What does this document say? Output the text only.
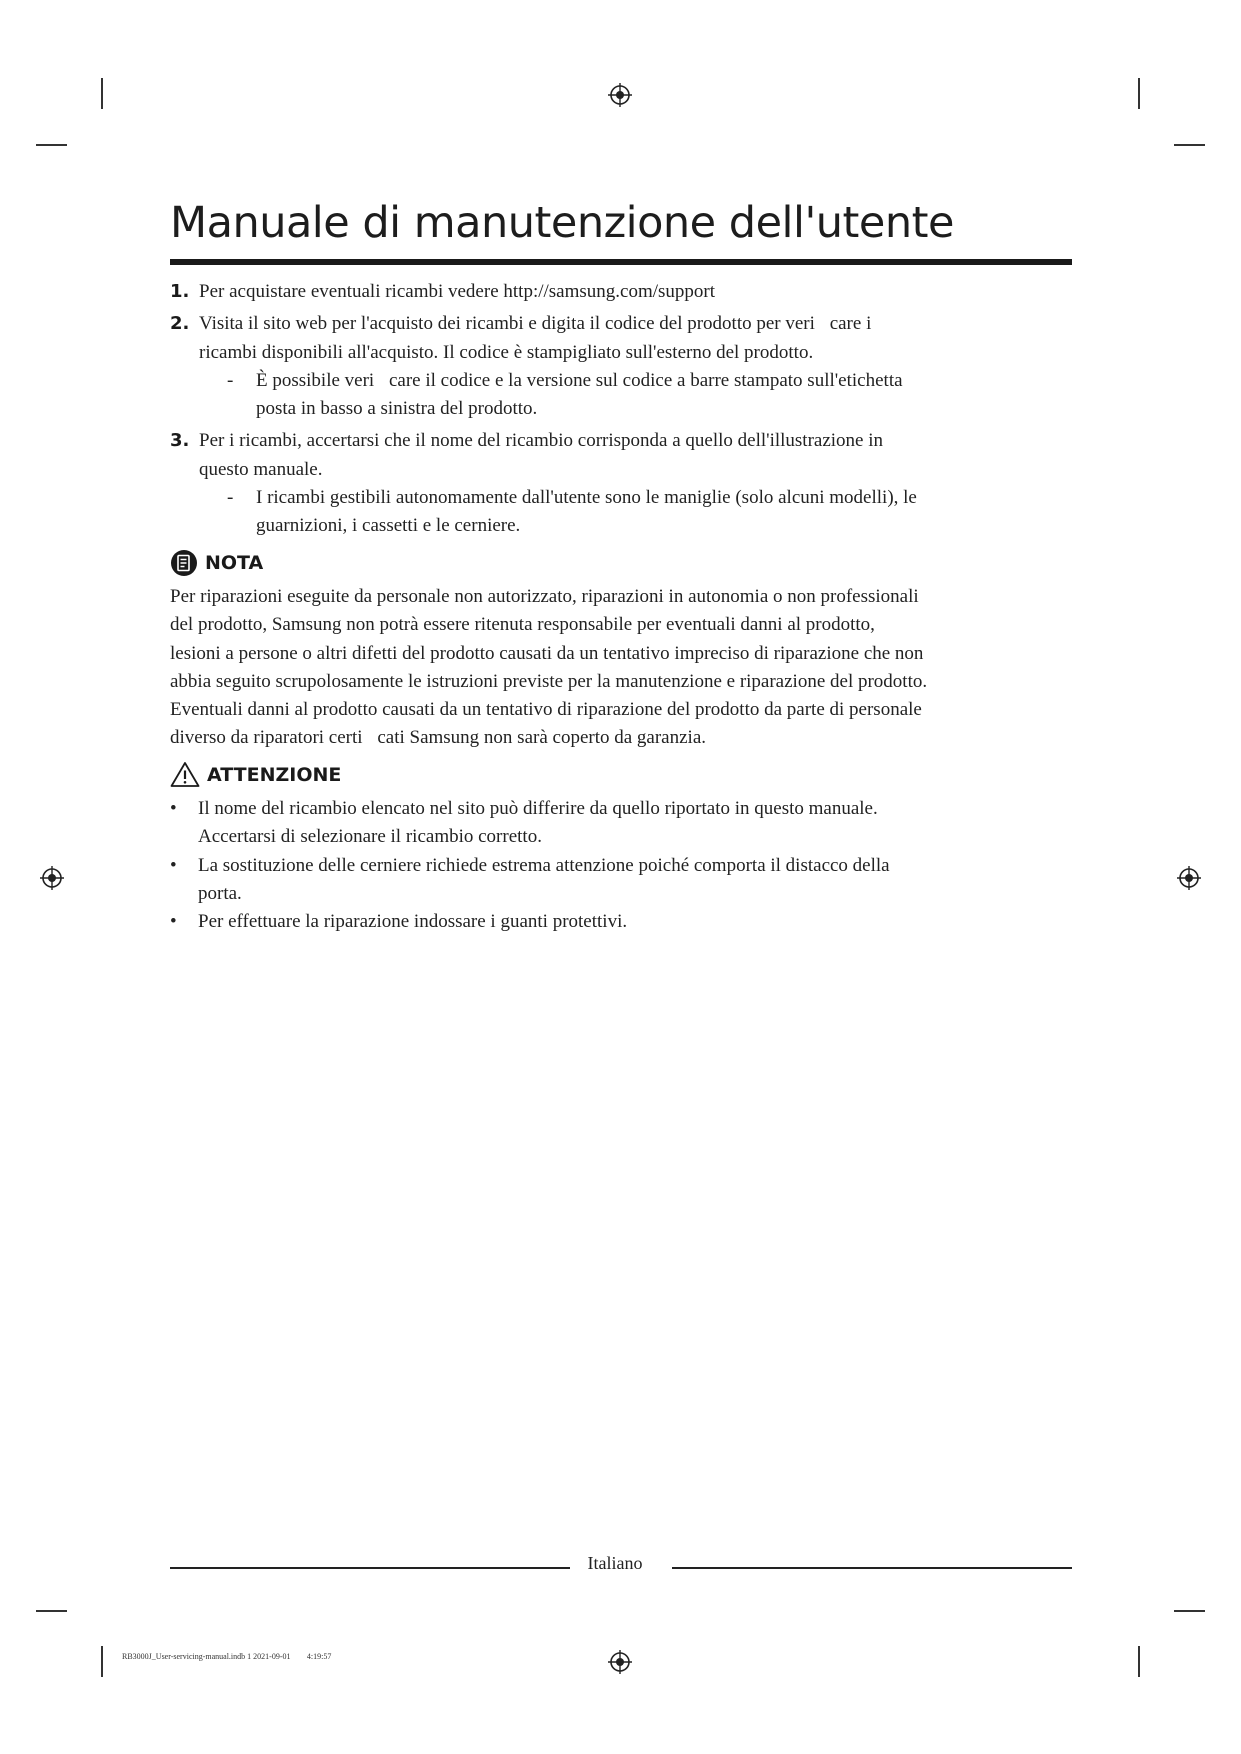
Manuale di manutenzione dell'utente
1. Per acquistare eventuali ricambi vedere http://samsung.com/support
2. Visita il sito web per l'acquisto dei ricambi e digita il codice del prodotto per veri care i ricambi disponibili all'acquisto. Il codice è stampigliato sull'esterno del prodotto.
- È possibile veri care il codice e la versione sul codice a barre stampato sull'etichetta posta in basso a sinistra del prodotto.
3. Per i ricambi, accertarsi che il nome del ricambio corrisponda a quello dell'illustrazione in questo manuale.
- I ricambi gestibili autonomamente dall'utente sono le maniglie (solo alcuni modelli), le guarnizioni, i cassetti e le cerniere.
NOTA

Per riparazioni eseguite da personale non autorizzato, riparazioni in autonomia o non professionali del prodotto, Samsung non potrà essere ritenuta responsabile per eventuali danni al prodotto, lesioni a persone o altri difetti del prodotto causati da un tentativo impreciso di riparazione che non abbia seguito scrupolosamente le istruzioni previste per la manutenzione e riparazione del prodotto. Eventuali danni al prodotto causati da un tentativo di riparazione del prodotto da parte di personale diverso da riparatori certi cati Samsung non sarà coperto da garanzia.

ATTENZIONE
• Il nome del ricambio elencato nel sito può differire da quello riportato in questo manuale. Accertarsi di selezionare il ricambio corretto.
• La sostituzione delle cerniere richiede estrema attenzione poiché comporta il distacco della porta.
• Per effettuare la riparazione indossare i guanti protettivi.
Italiano
RB3000J_User-servicing-manual.indb 1 2021-09-01    4:19:57
